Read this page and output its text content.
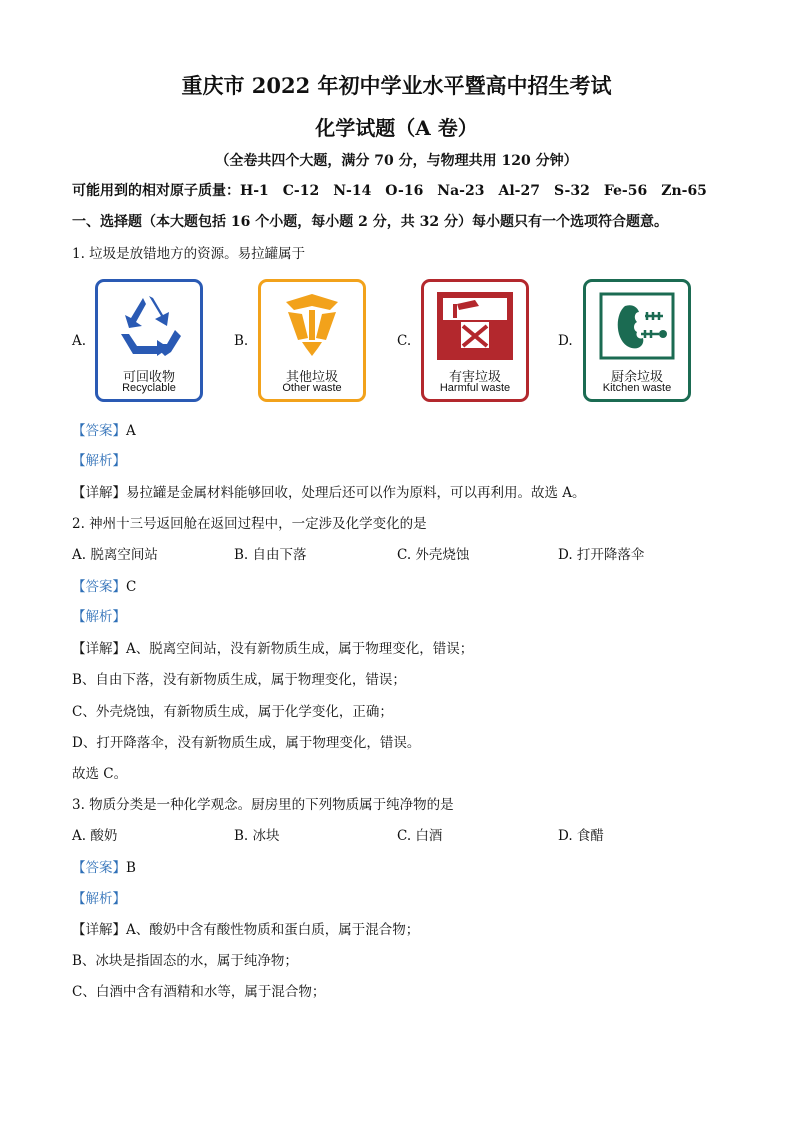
重庆市 2022 年初中学业水平暨高中招生考试
化学试题（A 卷）
（全卷共四个大题，满分 70 分，与物理共用 120 分钟）
可能用到的相对原子质量：H-1　C-12　N-14　O-16　Na-23　Al-27　S-32　Fe-56　Zn-65
一、选择题（本大题包括 16 个小题，每小题 2 分，共 32 分）每小题只有一个选项符合题意。
1. 垃圾是放错地方的资源。易拉罐属于
A.
可回收物
Recyclable
B.
其他垃圾
Other waste
C.
有害垃圾
Harmful waste
D.
厨余垃圾
Kitchen waste
【答案】A
【解析】
【详解】易拉罐是金属材料能够回收，处理后还可以作为原料，可以再利用。故选 A。
2. 神州十三号返回舱在返回过程中，一定涉及化学变化的是
A. 脱离空间站	B. 自由下落	C. 外壳烧蚀	D. 打开降落伞
【答案】C
【解析】
【详解】A、脱离空间站，没有新物质生成，属于物理变化，错误；
B、自由下落，没有新物质生成，属于物理变化，错误；
C、外壳烧蚀，有新物质生成，属于化学变化，正确；
D、打开降落伞，没有新物质生成，属于物理变化，错误。
故选 C。
3. 物质分类是一种化学观念。厨房里的下列物质属于纯净物的是
A. 酸奶	B. 冰块	C. 白酒	D. 食醋
【答案】B
【解析】
【详解】A、酸奶中含有酸性物质和蛋白质，属于混合物；
B、冰块是指固态的水，属于纯净物；
C、白酒中含有酒精和水等，属于混合物；
